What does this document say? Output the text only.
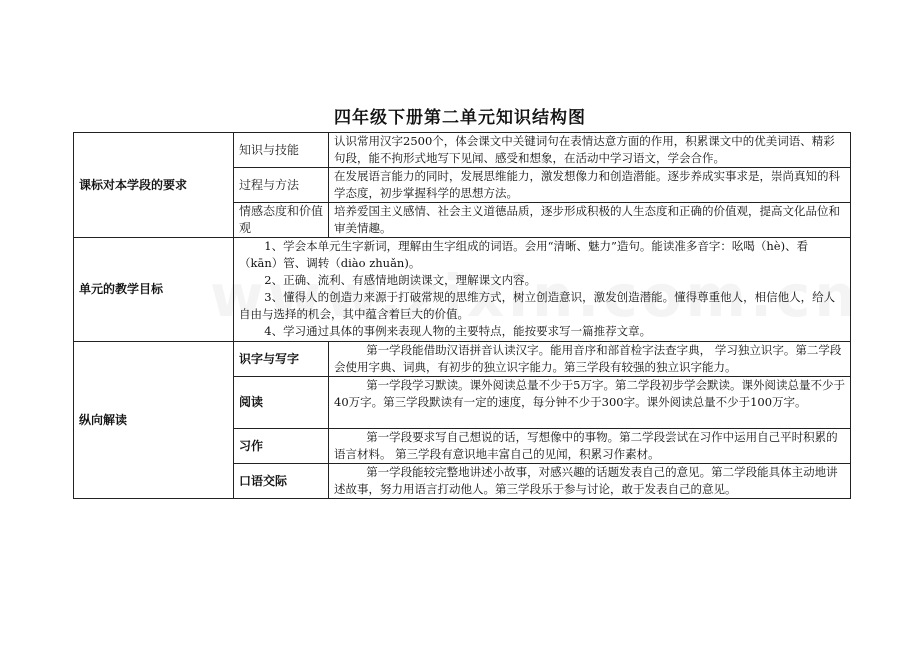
四年级下册第二单元知识结构图
课标对本学段的要求	知识与技能	认识常用汉字2500个，体会课文中关键词句在表情达意方面的作用，积累课文中的优美词语、精彩句段，能不拘形式地写下见闻、感受和想象，在活动中学习语文，学会合作。
	过程与方法	在发展语言能力的同时，发展思维能力，激发想像力和创造潜能。逐步养成实事求是，崇尚真知的科学态度，初步掌握科学的思想方法。
	情感态度和价值观	培养爱国主义感情、社会主义道德品质，逐步形成积极的人生态度和正确的价值观，提高文化品位和审美情趣。
单元的教学目标	1、学会本单元生字新词，理解由生字组成的词语。会用“清晰、魅力”造句。能读准多音字：吆喝（hè)、看（kān）管、调转（diào zhuǎn)。
2、正确、流利、有感情地朗读课文，理解课文内容。
3、懂得人的创造力来源于打破常规的思维方式，树立创造意识，激发创造潜能。懂得尊重他人，相信他人，给人自由与选择的机会，其中蕴含着巨大的价值。
4、学习通过具体的事例来表现人物的主要特点，能按要求写一篇推荐文章。	

纵向解读	识字与写字	第一学段能借助汉语拼音认读汉字。能用音序和部首检字法查字典， 学习独立识字。第二学段会使用字典、词典，有初步的独立识字能力。第三学段有较强的独立识字能力。
	阅读	第一学段学习默读。课外阅读总量不少于5万字。第二学段初步学会默读。课外阅读总量不少于40万字。第三学段默读有一定的速度，每分钟不少于300字。课外阅读总量不少于100万字。
	习作	第一学段要求写自己想说的话，写想像中的事物。第二学段尝试在习作中运用自己平时积累的语言材料。 第三学段有意识地丰富自己的见闻，积累习作素材。
	口语交际	第一学段能较完整地讲述小故事，对感兴趣的话题发表自己的意见。第二学段能具体主动地讲述故事，努力用语言打动他人。第三学段乐于参与讨论，敢于发表自己的意见。
